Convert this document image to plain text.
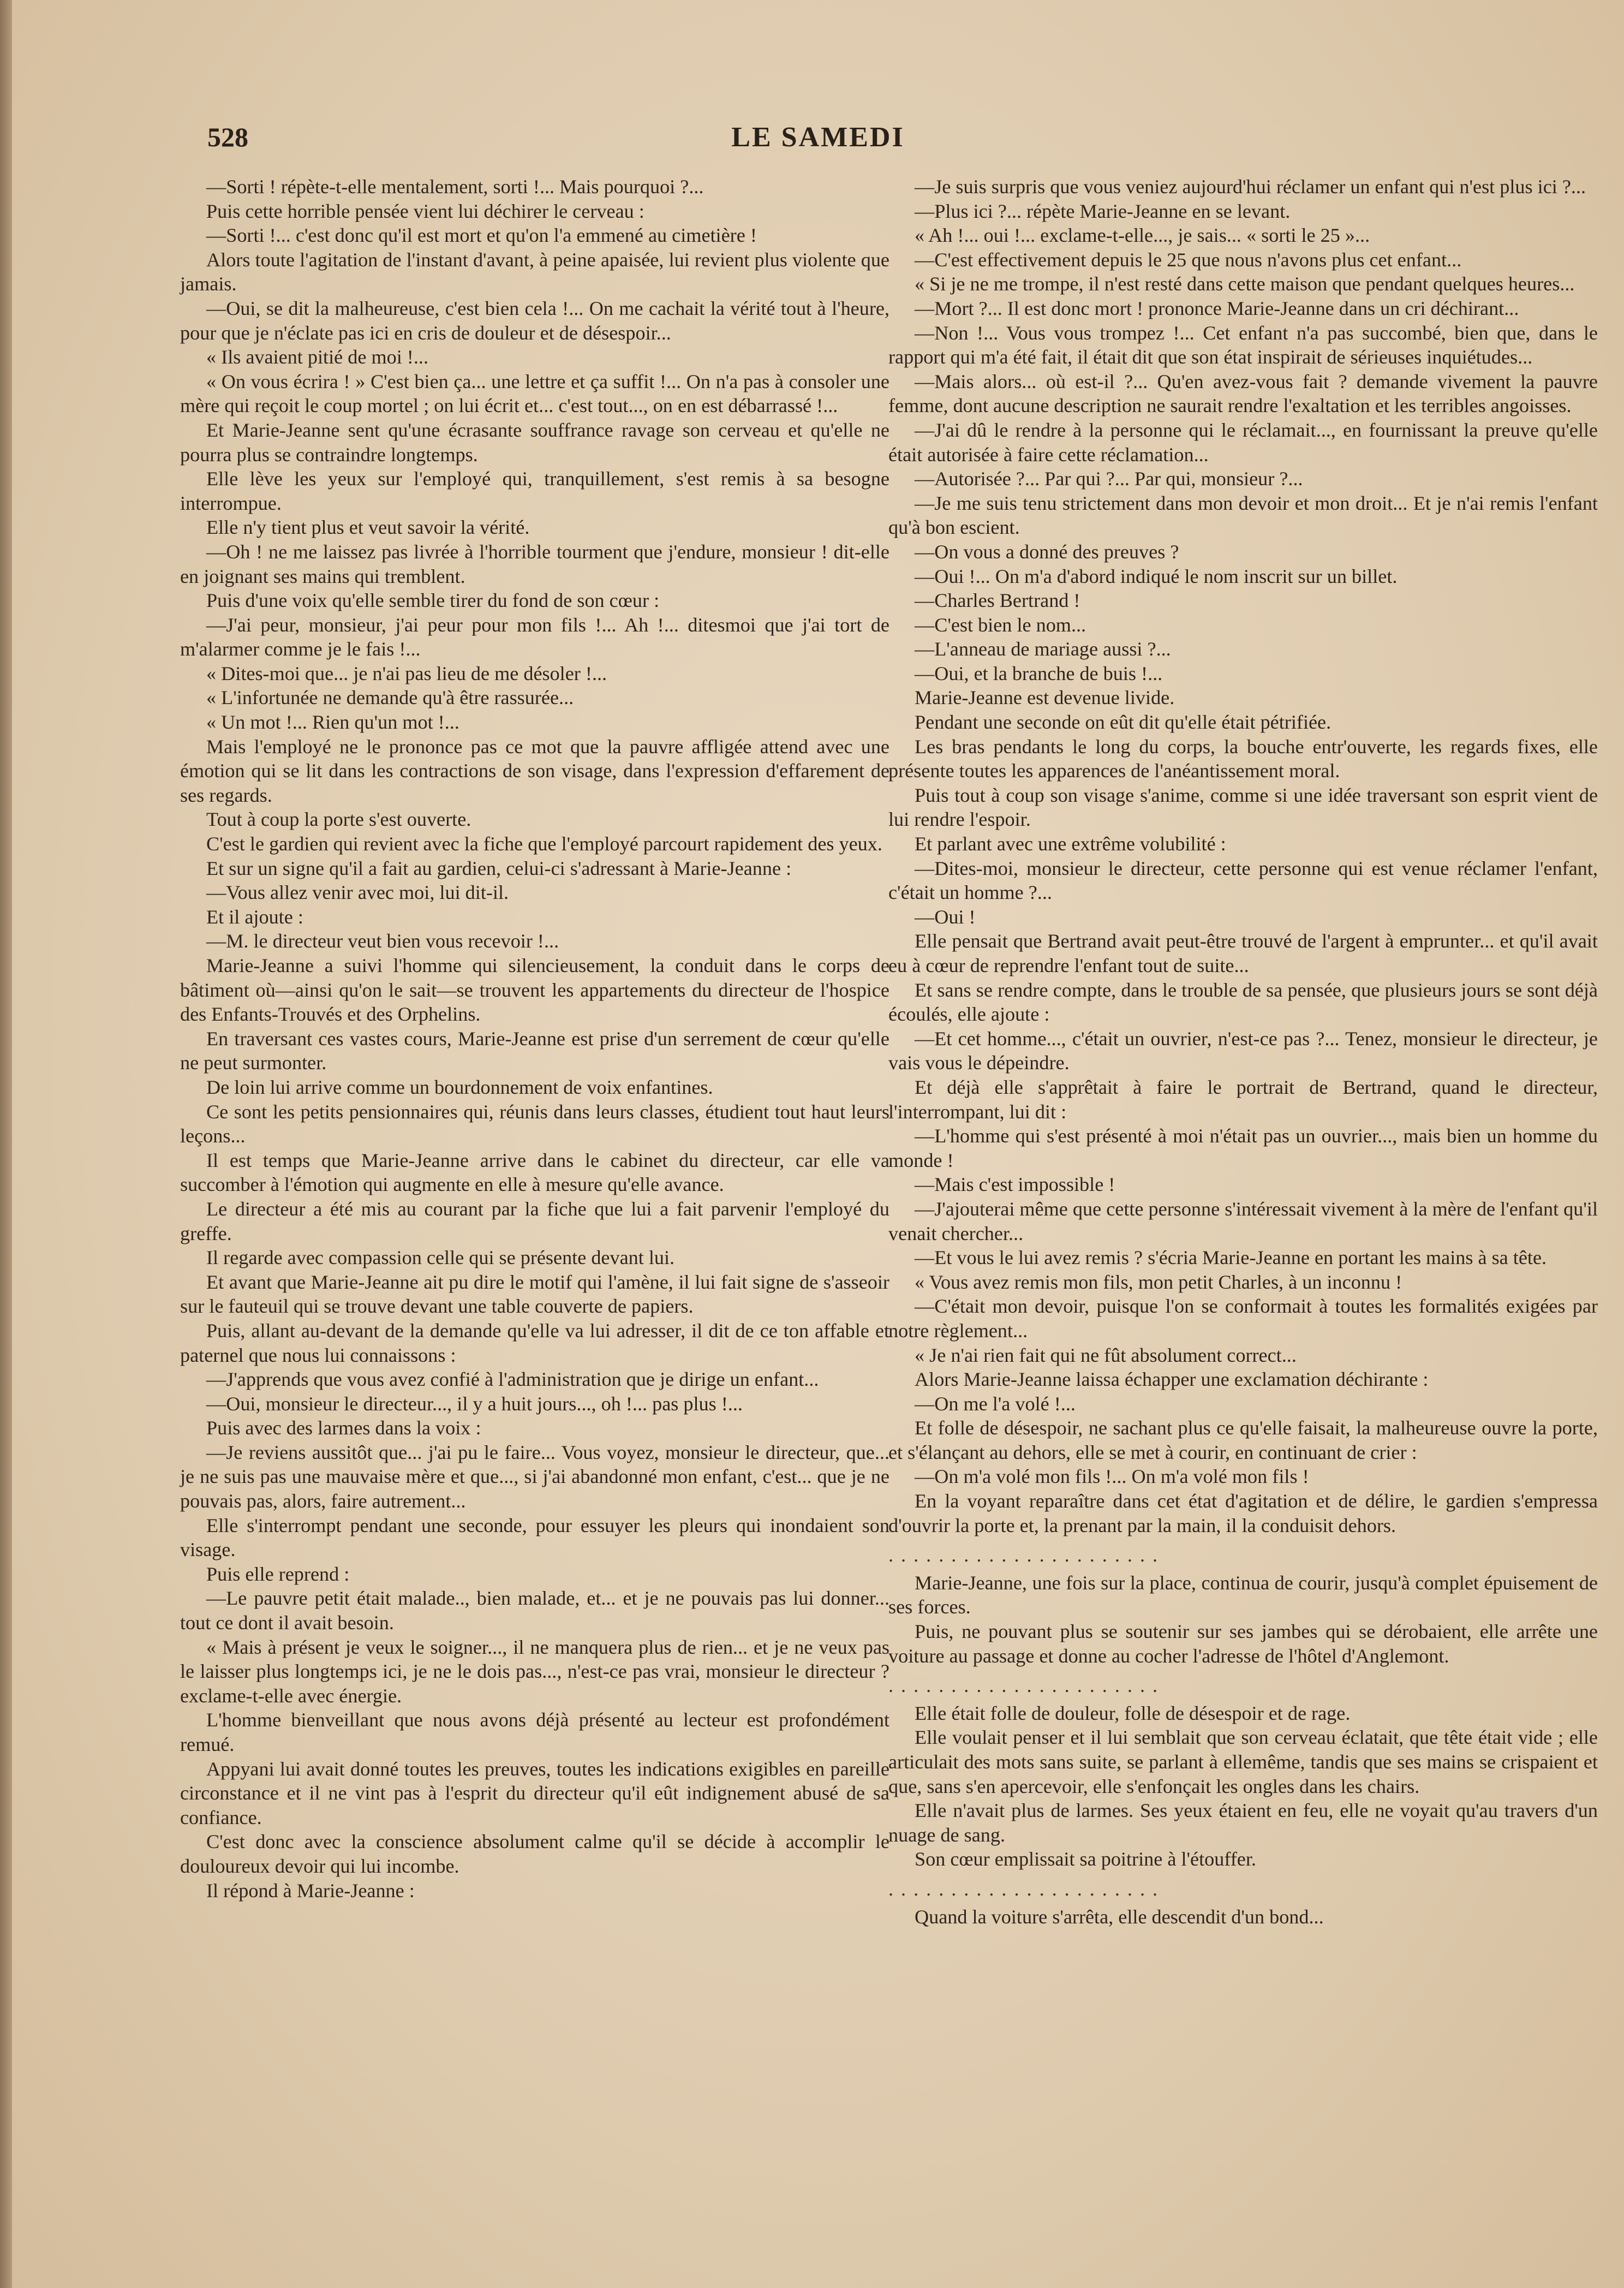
528	LE SAMEDI

—Sorti ! répète-t-elle mentalement, sorti !... Mais pourquoi ?...

Puis cette horrible pensée vient lui déchirer le cerveau :

—Sorti !... c'est donc qu'il est mort et qu'on l'a emmené au cimetière !

Alors toute l'agitation de l'instant d'avant, à peine apaisée, lui revient plus violente que jamais.

—Oui, se dit la malheureuse, c'est bien cela !... On me cachait la vérité tout à l'heure, pour que je n'éclate pas ici en cris de douleur et de désespoir...

« Ils avaient pitié de moi !...

« On vous écrira ! » C'est bien ça... une lettre et ça suffit !... On n'a pas à consoler une mère qui reçoit le coup mortel ; on lui écrit et... c'est tout..., on en est débarrassé !...

Et Marie-Jeanne sent qu'une écrasante souffrance ravage son cerveau et qu'elle ne pourra plus se contraindre longtemps.

Elle lève les yeux sur l'employé qui, tranquillement, s'est remis à sa besogne interrompue.

Elle n'y tient plus et veut savoir la vérité.

—Oh ! ne me laissez pas livrée à l'horrible tourment que j'endure, monsieur ! dit-elle en joignant ses mains qui tremblent.

Puis d'une voix qu'elle semble tirer du fond de son cœur :

—J'ai peur, monsieur, j'ai peur pour mon fils !... Ah !... ditesmoi que j'ai tort de m'alarmer comme je le fais !...

« Dites-moi que... je n'ai pas lieu de me désoler !...

« L'infortunée ne demande qu'à être rassurée...

« Un mot !... Rien qu'un mot !...

Mais l'employé ne le prononce pas ce mot que la pauvre affligée attend avec une émotion qui se lit dans les contractions de son visage, dans l'expression d'effarement de ses regards.

Tout à coup la porte s'est ouverte.

C'est le gardien qui revient avec la fiche que l'employé parcourt rapidement des yeux.

Et sur un signe qu'il a fait au gardien, celui-ci s'adressant à Marie-Jeanne :

—Vous allez venir avec moi, lui dit-il.

Et il ajoute :

—M. le directeur veut bien vous recevoir !...

Marie-Jeanne a suivi l'homme qui silencieusement, la conduit dans le corps de bâtiment où—ainsi qu'on le sait—se trouvent les appartements du directeur de l'hospice des Enfants-Trouvés et des Orphelins.

En traversant ces vastes cours, Marie-Jeanne est prise d'un serrement de cœur qu'elle ne peut surmonter.

De loin lui arrive comme un bourdonnement de voix enfantines.

Ce sont les petits pensionnaires qui, réunis dans leurs classes, étudient tout haut leurs leçons...

Il est temps que Marie-Jeanne arrive dans le cabinet du directeur, car elle va succomber à l'émotion qui augmente en elle à mesure qu'elle avance.

Le directeur a été mis au courant par la fiche que lui a fait parvenir l'employé du greffe.

Il regarde avec compassion celle qui se présente devant lui.

Et avant que Marie-Jeanne ait pu dire le motif qui l'amène, il lui fait signe de s'asseoir sur le fauteuil qui se trouve devant une table couverte de papiers.

Puis, allant au-devant de la demande qu'elle va lui adresser, il dit de ce ton affable et paternel que nous lui connaissons :

—J'apprends que vous avez confié à l'administration que je dirige un enfant...

—Oui, monsieur le directeur..., il y a huit jours..., oh !... pas plus !...

Puis avec des larmes dans la voix :

—Je reviens aussitôt que... j'ai pu le faire... Vous voyez, monsieur le directeur, que... je ne suis pas une mauvaise mère et que..., si j'ai abandonné mon enfant, c'est... que je ne pouvais pas, alors, faire autrement...

Elle s'interrompt pendant une seconde, pour essuyer les pleurs qui inondaient son visage.

Puis elle reprend :

—Le pauvre petit était malade.., bien malade, et... et je ne pouvais pas lui donner... tout ce dont il avait besoin.

« Mais à présent je veux le soigner..., il ne manquera plus de rien... et je ne veux pas le laisser plus longtemps ici, je ne le dois pas..., n'est-ce pas vrai, monsieur le directeur ? exclame-t-elle avec énergie.

L'homme bienveillant que nous avons déjà présenté au lecteur est profondément remué.

Appyani lui avait donné toutes les preuves, toutes les indications exigibles en pareille circonstance et il ne vint pas à l'esprit du directeur qu'il eût indignement abusé de sa confiance.

C'est donc avec la conscience absolument calme qu'il se décide à accomplir le douloureux devoir qui lui incombe.

Il répond à Marie-Jeanne :

—Je suis surpris que vous veniez aujourd'hui réclamer un enfant qui n'est plus ici ?...

—Plus ici ?... répète Marie-Jeanne en se levant.

« Ah !... oui !... exclame-t-elle..., je sais... « sorti le 25 »...

—C'est effectivement depuis le 25 que nous n'avons plus cet enfant...

« Si je ne me trompe, il n'est resté dans cette maison que pendant quelques heures...

—Mort ?... Il est donc mort ! prononce Marie-Jeanne dans un cri déchirant...

—Non !... Vous vous trompez !... Cet enfant n'a pas succombé, bien que, dans le rapport qui m'a été fait, il était dit que son état inspirait de sérieuses inquiétudes...

—Mais alors... où est-il ?... Qu'en avez-vous fait ? demande vivement la pauvre femme, dont aucune description ne saurait rendre l'exaltation et les terribles angoisses.

—J'ai dû le rendre à la personne qui le réclamait..., en fournissant la preuve qu'elle était autorisée à faire cette réclamation...

—Autorisée ?... Par qui ?... Par qui, monsieur ?...

—Je me suis tenu strictement dans mon devoir et mon droit... Et je n'ai remis l'enfant qu'à bon escient.

—On vous a donné des preuves ?

—Oui !... On m'a d'abord indiqué le nom inscrit sur un billet.

—Charles Bertrand !

—C'est bien le nom...

—L'anneau de mariage aussi ?...

—Oui, et la branche de buis !...

Marie-Jeanne est devenue livide.

Pendant une seconde on eût dit qu'elle était pétrifiée.

Les bras pendants le long du corps, la bouche entr'ouverte, les regards fixes, elle présente toutes les apparences de l'anéantissement moral.

Puis tout à coup son visage s'anime, comme si une idée traversant son esprit vient de lui rendre l'espoir.

Et parlant avec une extrême volubilité :

—Dites-moi, monsieur le directeur, cette personne qui est venue réclamer l'enfant, c'était un homme ?...

—Oui !

Elle pensait que Bertrand avait peut-être trouvé de l'argent à emprunter... et qu'il avait eu à cœur de reprendre l'enfant tout de suite...

Et sans se rendre compte, dans le trouble de sa pensée, que plusieurs jours se sont déjà écoulés, elle ajoute :

—Et cet homme..., c'était un ouvrier, n'est-ce pas ?... Tenez, monsieur le directeur, je vais vous le dépeindre.

Et déjà elle s'apprêtait à faire le portrait de Bertrand, quand le directeur, l'interrompant, lui dit :

—L'homme qui s'est présenté à moi n'était pas un ouvrier..., mais bien un homme du monde !

—Mais c'est impossible !

—J'ajouterai même que cette personne s'intéressait vivement à la mère de l'enfant qu'il venait chercher...

—Et vous le lui avez remis ? s'écria Marie-Jeanne en portant les mains à sa tête.

« Vous avez remis mon fils, mon petit Charles, à un inconnu !

—C'était mon devoir, puisque l'on se conformait à toutes les formalités exigées par notre règlement...

« Je n'ai rien fait qui ne fût absolument correct...

Alors Marie-Jeanne laissa échapper une exclamation déchirante :

—On me l'a volé !...

Et folle de désespoir, ne sachant plus ce qu'elle faisait, la malheureuse ouvre la porte, et s'élançant au dehors, elle se met à courir, en continuant de crier :

—On m'a volé mon fils !... On m'a volé mon fils !

En la voyant reparaître dans cet état d'agitation et de délire, le gardien s'empressa d'ouvrir la porte et, la prenant par la main, il la conduisit dehors.

......................

Marie-Jeanne, une fois sur la place, continua de courir, jusqu'à complet épuisement de ses forces.

Puis, ne pouvant plus se soutenir sur ses jambes qui se dérobaient, elle arrête une voiture au passage et donne au cocher l'adresse de l'hôtel d'Anglemont.

......................

Elle était folle de douleur, folle de désespoir et de rage.

Elle voulait penser et il lui semblait que son cerveau éclatait, que tête était vide ; elle articulait des mots sans suite, se parlant à ellemême, tandis que ses mains se crispaient et que, sans s'en apercevoir, elle s'enfonçait les ongles dans les chairs.

Elle n'avait plus de larmes. Ses yeux étaient en feu, elle ne voyait qu'au travers d'un nuage de sang.

Son cœur emplissait sa poitrine à l'étouffer.

......................

Quand la voiture s'arrêta, elle descendit d'un bond...
